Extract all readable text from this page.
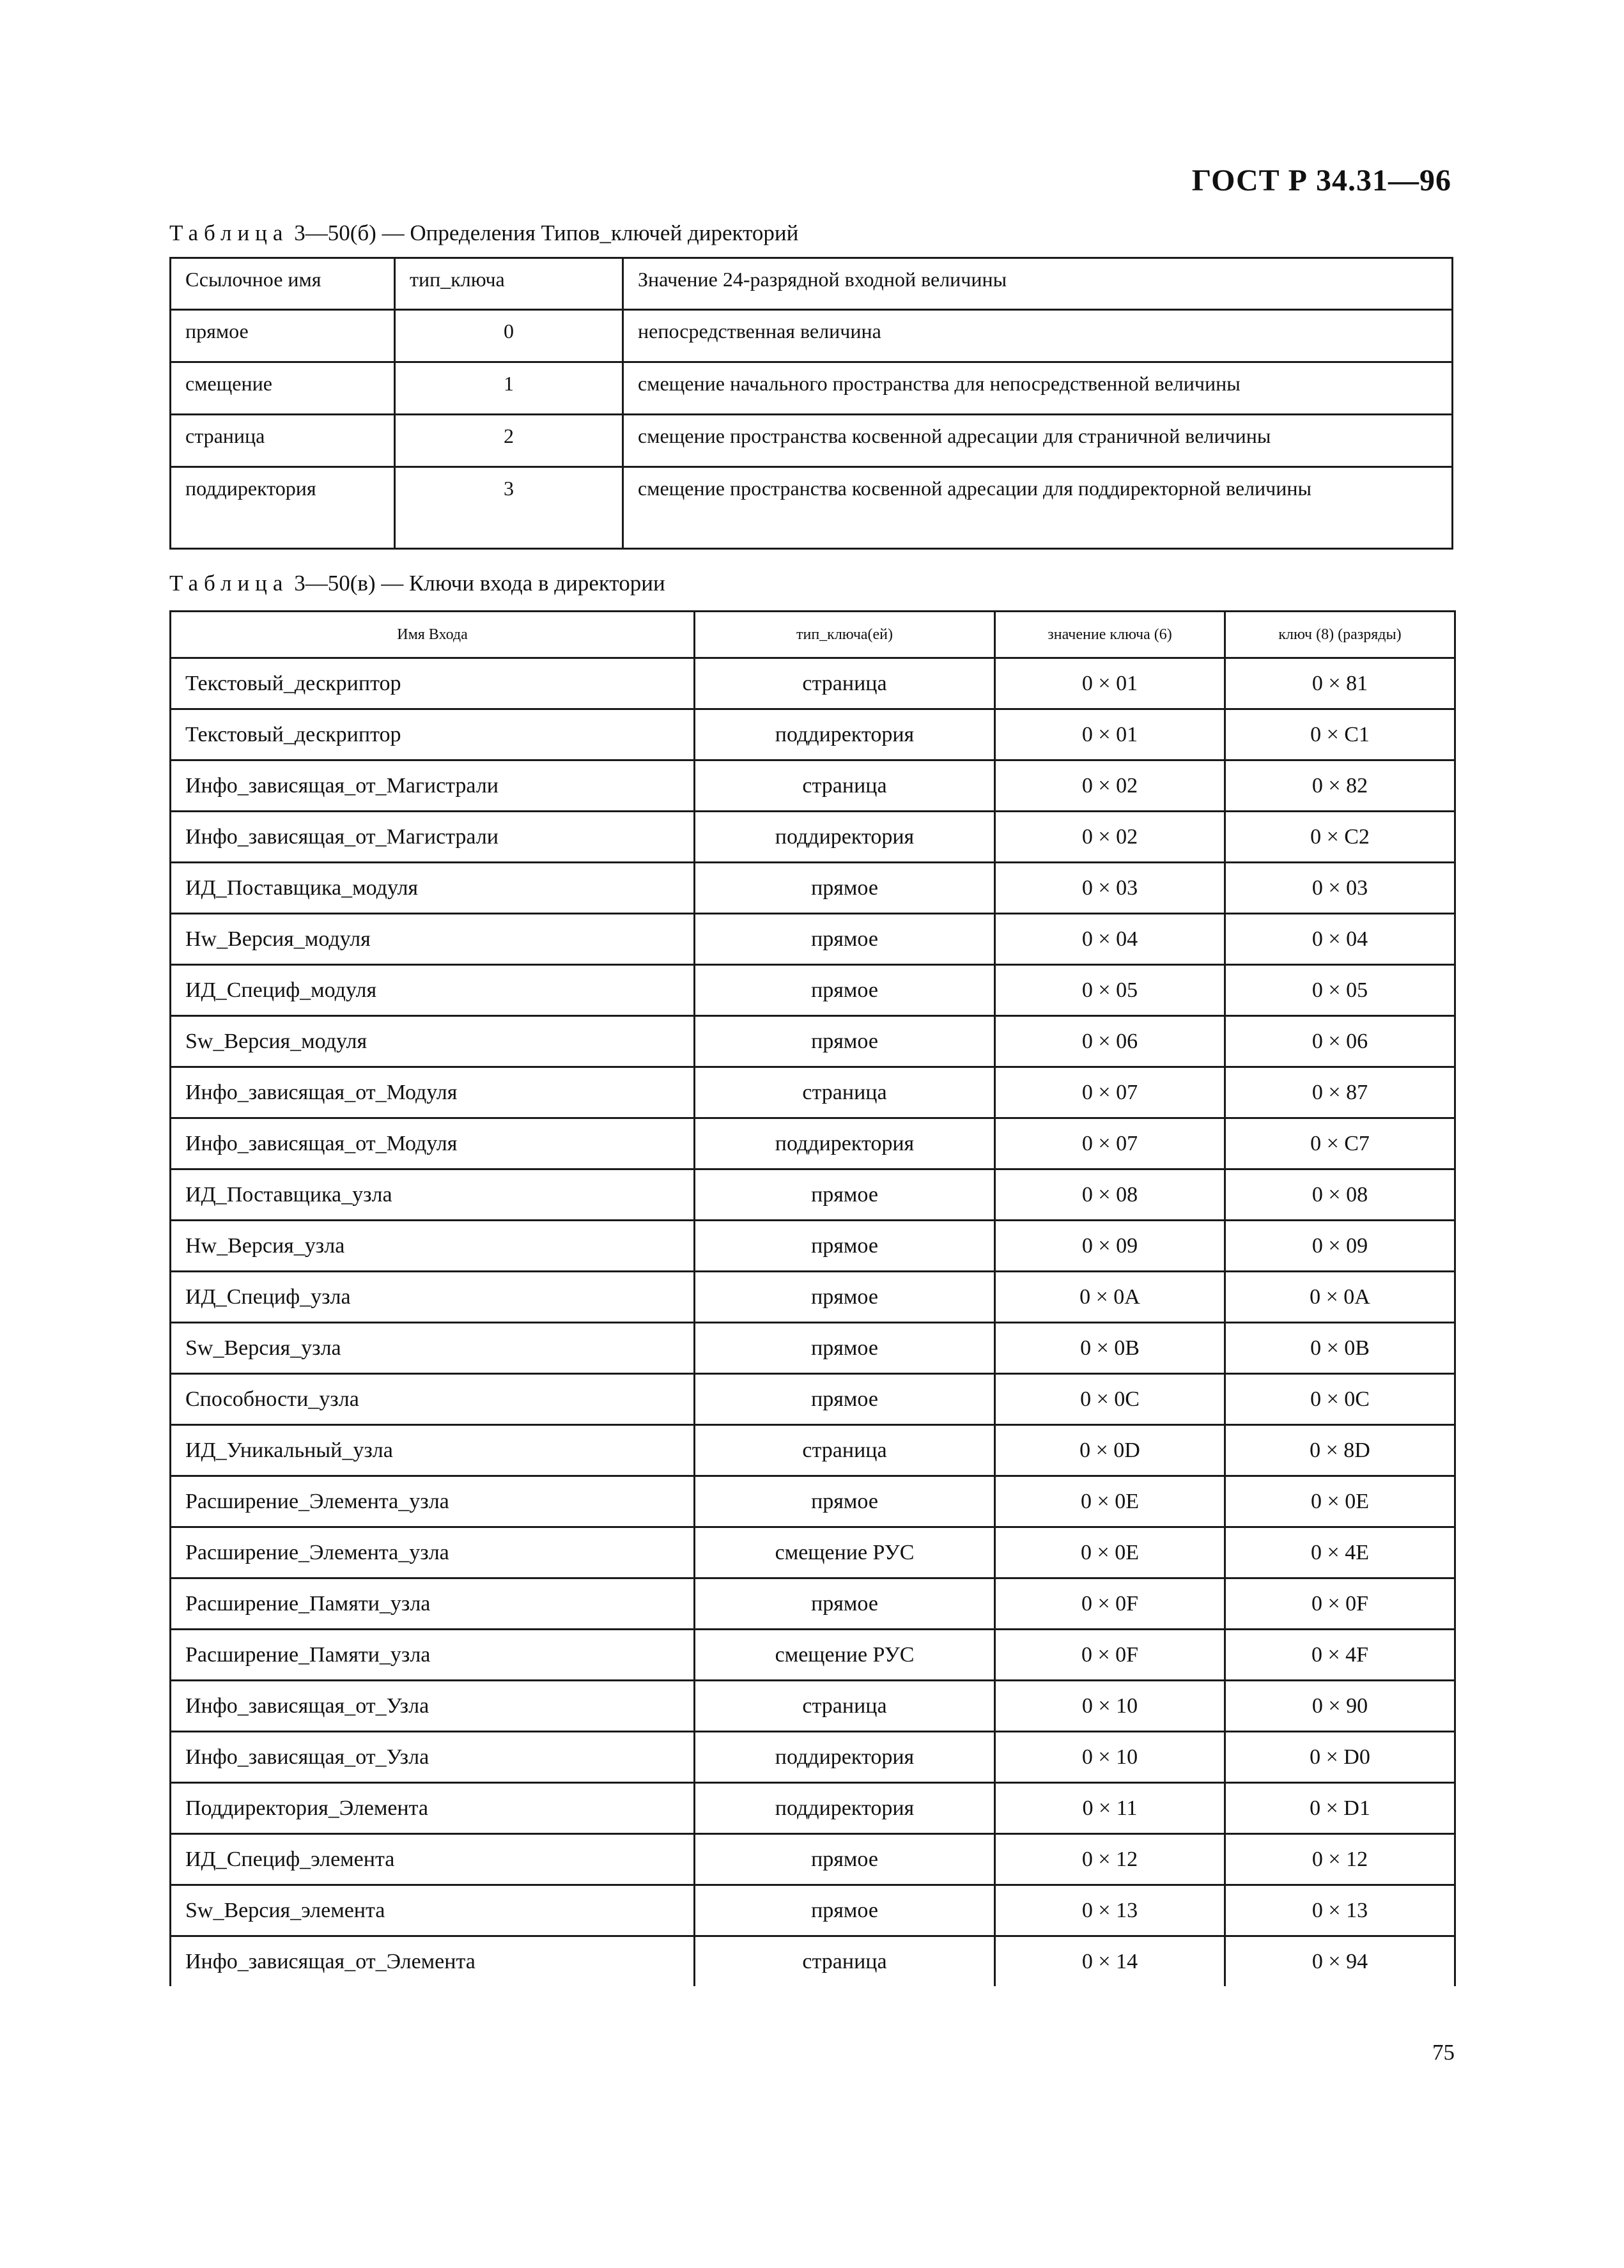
ГОСТ Р 34.31—96
Таблица 3—50(б) — Определения Типов_ключей директорий
Ссылочное имя	тип_ключа	Значение 24-разрядной входной величины
прямое	0	непосредственная величина
смещение	1	смещение начального пространства для непосредственной величины
страница	2	смещение пространства косвенной адресации для страничной величины
поддиректория	3	смещение пространства косвенной адресации для поддиректорной величины
Таблица 3—50(в) — Ключи входа в директории
Имя Входа	тип_ключа(ей)	значение ключа (6)	ключ (8) (разряды)
Текстовый_дескриптор	страница	0 × 01	0 × 81
Текстовый_дескриптор	поддиректория	0 × 01	0 × C1
Инфо_зависящая_от_Магистрали	страница	0 × 02	0 × 82
Инфо_зависящая_от_Магистрали	поддиректория	0 × 02	0 × C2
ИД_Поставщика_модуля	прямое	0 × 03	0 × 03
Hw_Версия_модуля	прямое	0 × 04	0 × 04
ИД_Специф_модуля	прямое	0 × 05	0 × 05
Sw_Версия_модуля	прямое	0 × 06	0 × 06
Инфо_зависящая_от_Модуля	страница	0 × 07	0 × 87
Инфо_зависящая_от_Модуля	поддиректория	0 × 07	0 × C7
ИД_Поставщика_узла	прямое	0 × 08	0 × 08
Hw_Версия_узла	прямое	0 × 09	0 × 09
ИД_Специф_узла	прямое	0 × 0A	0 × 0A
Sw_Версия_узла	прямое	0 × 0B	0 × 0B
Способности_узла	прямое	0 × 0C	0 × 0C
ИД_Уникальный_узла	страница	0 × 0D	0 × 8D
Расширение_Элемента_узла	прямое	0 × 0E	0 × 0E
Расширение_Элемента_узла	смещение РУС	0 × 0E	0 × 4E
Расширение_Памяти_узла	прямое	0 × 0F	0 × 0F
Расширение_Памяти_узла	смещение РУС	0 × 0F	0 × 4F
Инфо_зависящая_от_Узла	страница	0 × 10	0 × 90
Инфо_зависящая_от_Узла	поддиректория	0 × 10	0 × D0
Поддиректория_Элемента	поддиректория	0 × 11	0 × D1
ИД_Специф_элемента	прямое	0 × 12	0 × 12
Sw_Версия_элемента	прямое	0 × 13	0 × 13
Инфо_зависящая_от_Элемента	страница	0 × 14	0 × 94
75
